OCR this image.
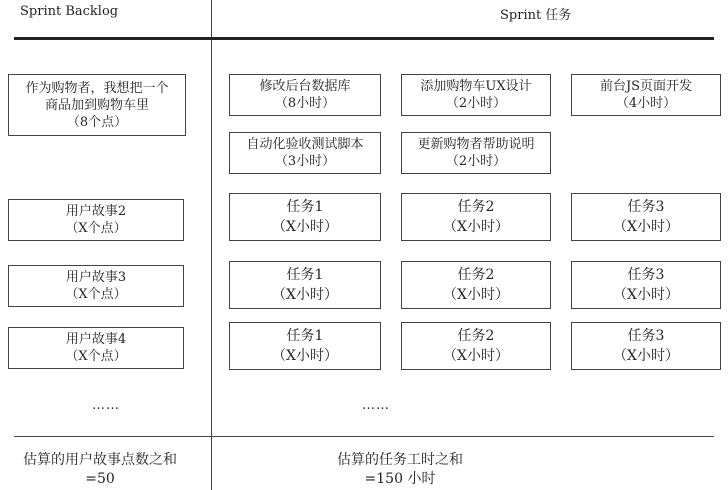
Sprint Backlog	Sprint 任务
作为购物者，我想把一个
商品加到购物车里
（8个点）
用户故事2
（X个点）
用户故事3
（X个点）
用户故事4
（X个点）
修改后台数据库
（8小时）
添加购物车UX设计
（2小时）
前台JS页面开发
（4小时）
自动化验收测试脚本
（3小时）
更新购物者帮助说明
（2小时）
任务1
（X小时）
任务2
（X小时）
任务3
（X小时）
任务1
（X小时）
任务2
（X小时）
任务3
（X小时）
任务1
（X小时）
任务2
（X小时）
任务3
（X小时）
……	……
估算的用户故事点数之和
=50
估算的任务工时之和
=150 小时
